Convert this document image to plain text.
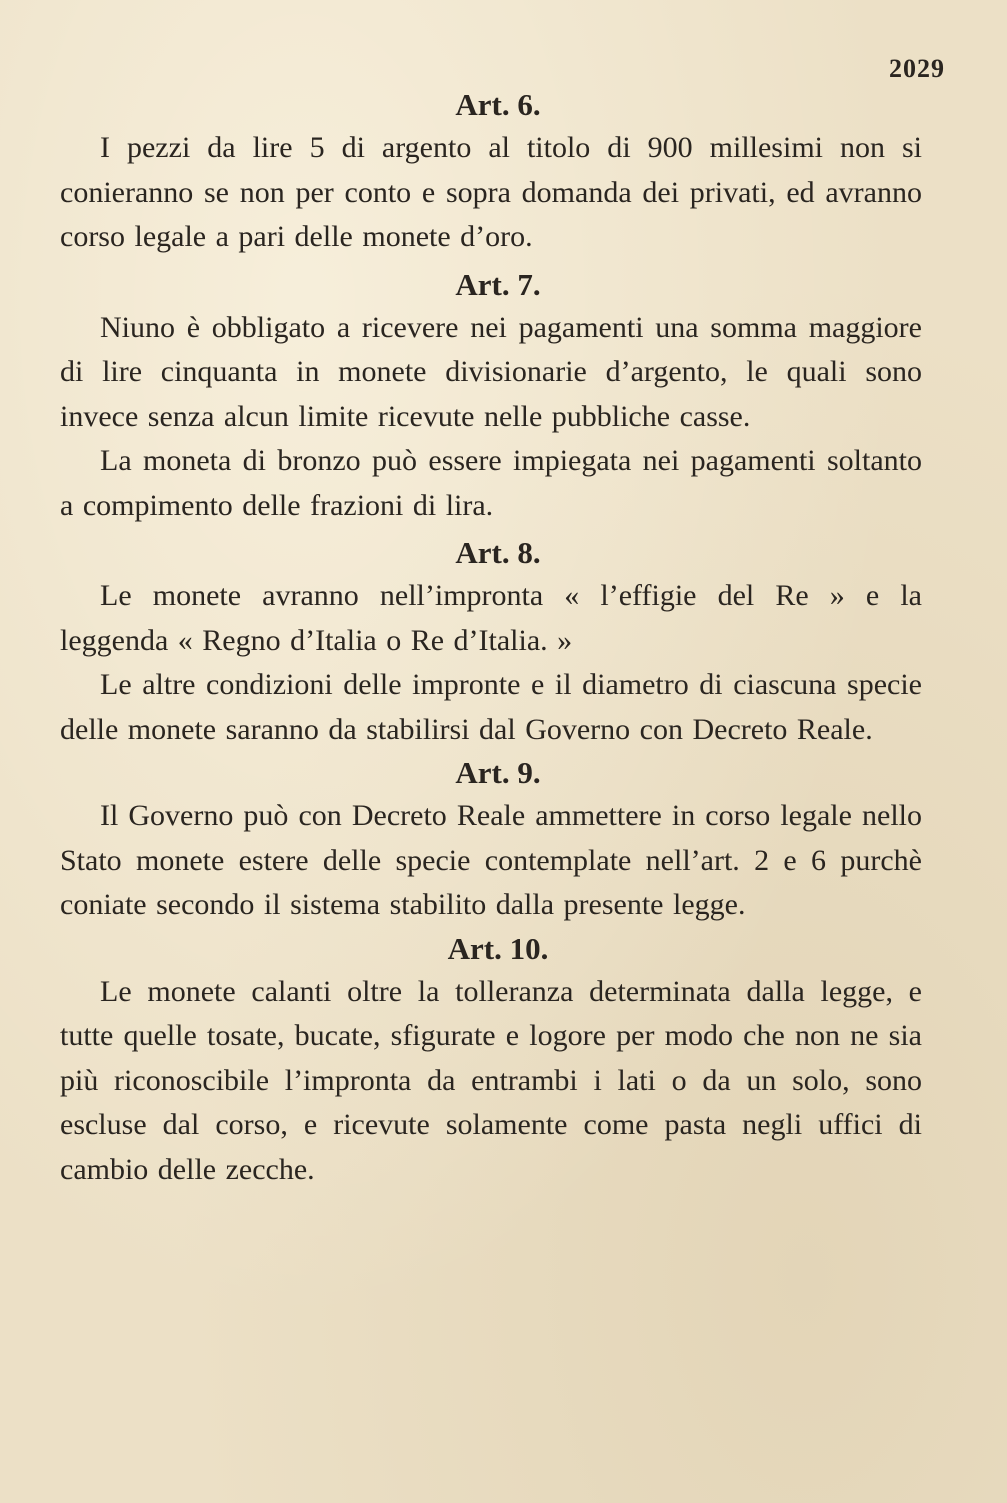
2029
Art. 6.

I pezzi da lire 5 di argento al titolo di 900 millesimi non si conieranno se non per conto e sopra domanda dei privati, ed avranno corso legale a pari delle monete d’oro.

Art. 7.

Niuno è obbligato a ricevere nei pagamenti una somma maggiore di lire cinquanta in monete divisionarie d’argento, le quali sono invece senza alcun limite ricevute nelle pubbliche casse.

La moneta di bronzo può essere impiegata nei pagamenti soltanto a compimento delle frazioni di lira.

Art. 8.

Le monete avranno nell’impronta « l’effigie del Re » e la leggenda « Regno d’Italia o Re d’Italia. »

Le altre condizioni delle impronte e il diametro di ciascuna specie delle monete saranno da stabilirsi dal Governo con Decreto Reale.

Art. 9.

Il Governo può con Decreto Reale ammettere in corso legale nello Stato monete estere delle specie contemplate nell’art. 2 e 6 purchè coniate secondo il sistema stabilito dalla presente legge.

Art. 10.

Le monete calanti oltre la tolleranza determinata dalla legge, e tutte quelle tosate, bucate, sfigurate e logore per modo che non ne sia più riconoscibile l’impronta da entrambi i lati o da un solo, sono escluse dal corso, e ricevute solamente come pasta negli uffici di cambio delle zecche.
